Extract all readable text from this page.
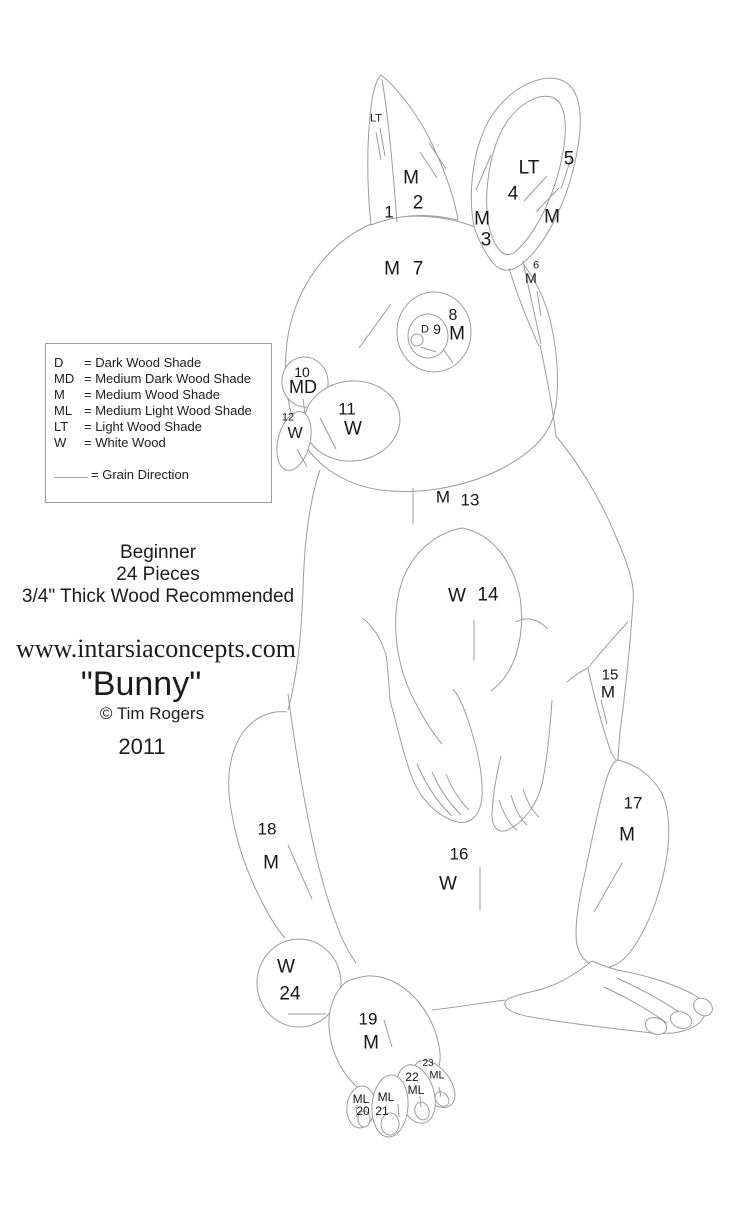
D	= Dark Wood Shade
MD = Medium Dark Wood Shade
M	= Medium Wood Shade
ML = Medium Light Wood Shade
LT	= Light Wood Shade
W	= White Wood
= Grain Direction
Beginner
24 Pieces
3/4" Thick Wood Recommended
www.intarsiaconcepts.com
"Bunny"
© Tim Rogers
2011
LT
1
M
2
M
3
LT
4
5
M
6
M
M 7
8
M
D 9
10
MD
11
W
12
W
M 13
W 14
15
M
16
W
17
M
18
M
19
M
W
24
ML
20
ML
21
22
ML
23
ML
